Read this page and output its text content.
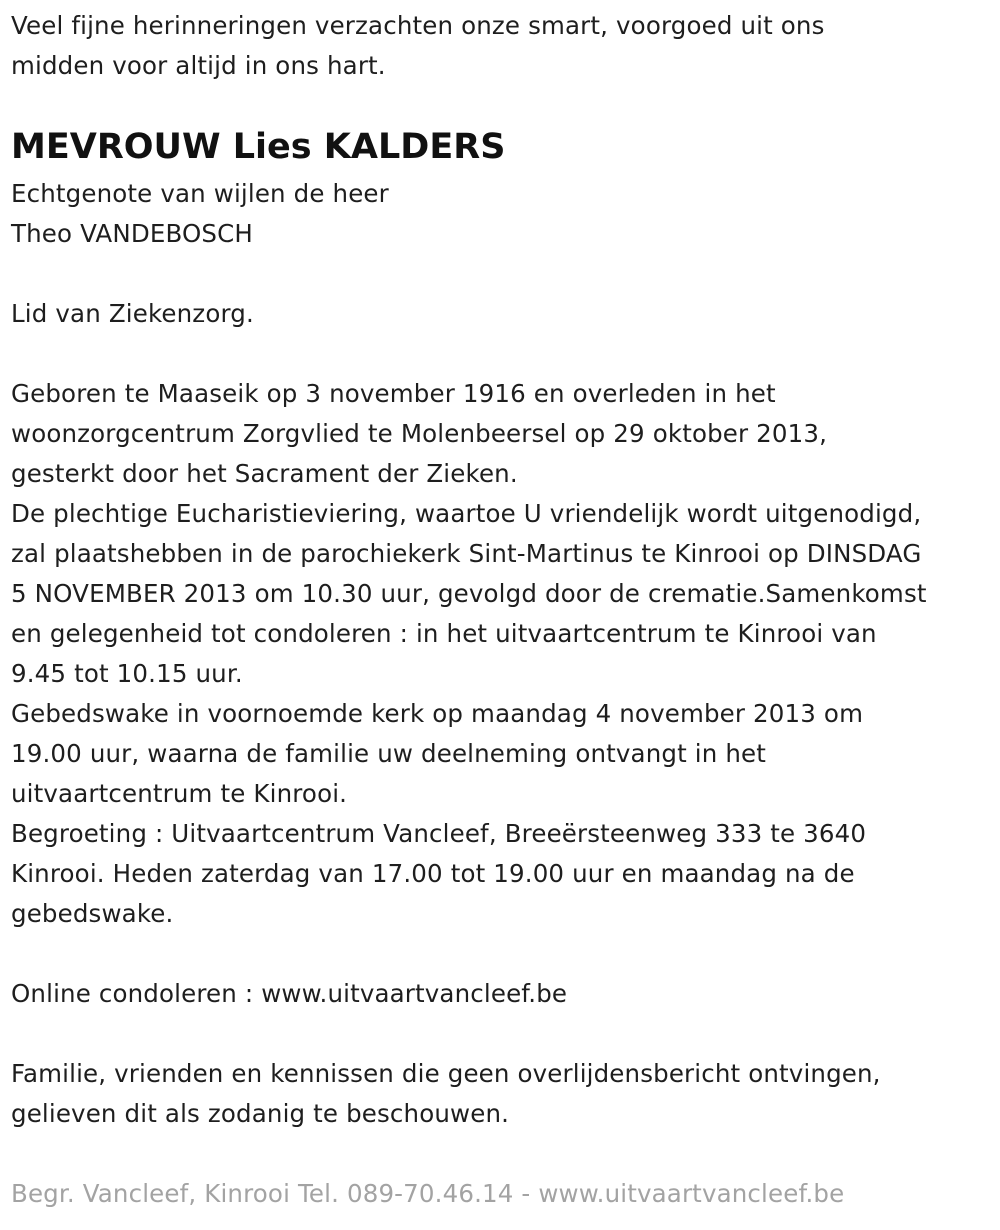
Veel fijne herinneringen verzachten onze smart, voorgoed uit ons
midden voor altijd in ons hart.
MEVROUW Lies KALDERS
Echtgenote van wijlen de heer
Theo VANDEBOSCH
Lid van Ziekenzorg.
Geboren te Maaseik op 3 november 1916 en overleden in het
woonzorgcentrum Zorgvlied te Molenbeersel op 29 oktober 2013,
gesterkt door het Sacrament der Zieken.
De plechtige Eucharistieviering, waartoe U vriendelijk wordt uitgenodigd,
zal plaatshebben in de parochiekerk Sint-Martinus te Kinrooi op DINSDAG
5 NOVEMBER 2013 om 10.30 uur, gevolgd door de crematie.Samenkomst
en gelegenheid tot condoleren : in het uitvaartcentrum te Kinrooi van
9.45 tot 10.15 uur.
Gebedswake in voornoemde kerk op maandag 4 november 2013 om
19.00 uur, waarna de familie uw deelneming ontvangt in het
uitvaartcentrum te Kinrooi.
Begroeting : Uitvaartcentrum Vancleef, Breeërsteenweg 333 te 3640
Kinrooi. Heden zaterdag van 17.00 tot 19.00 uur en maandag na de
gebedswake.
Online condoleren : www.uitvaartvancleef.be
Familie, vrienden en kennissen die geen overlijdensbericht ontvingen,
gelieven dit als zodanig te beschouwen.
Begr. Vancleef, Kinrooi Tel. 089-70.46.14 - www.uitvaartvancleef.be
